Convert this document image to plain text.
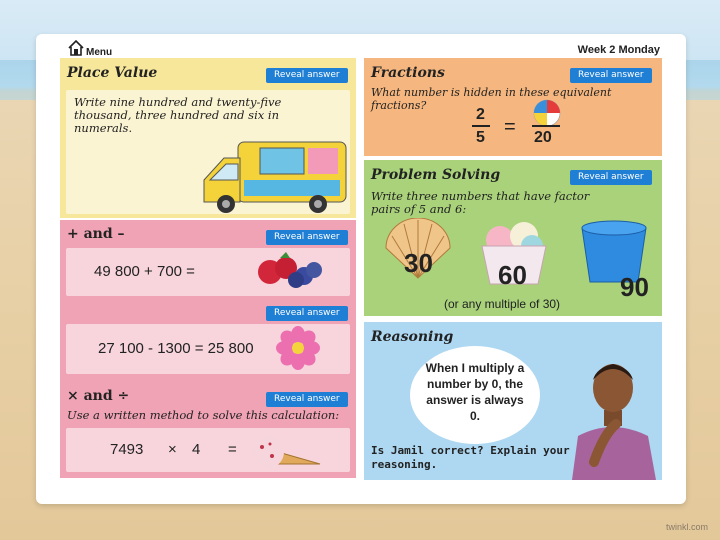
Menu	Week 2 Monday
Place Value	Reveal answer
Write nine hundred and twenty-five thousand, three hundred and six in numerals.
+ and –	Reveal answer
49 800 + 700 =
Reveal answer
27 100 - 1300 = 25 800
× and ÷	Reveal answer
Use a written method to solve this calculation:
7493 × 4 =
Fractions	Reveal answer
What number is hidden in these equivalent fractions?
2
5 = 20
Problem Solving	Reveal answer
Write three numbers that have factor pairs of 5 and 6:
30	60	90
(or any multiple of 30)
Reasoning
When I multiply a number by 0, the answer is always 0.
Is Jamil correct? Explain your reasoning.
twinkl.com
